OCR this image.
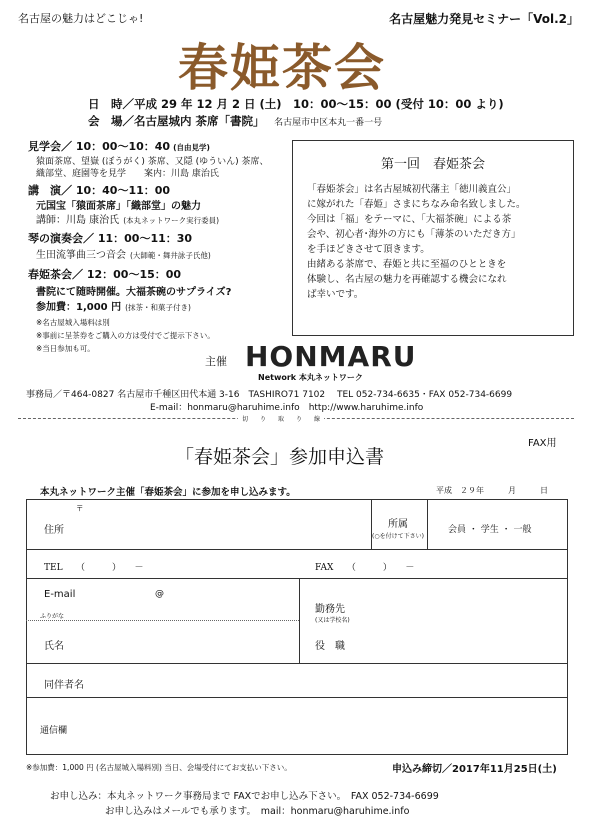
名古屋の魅力はどこじゃ!	名古屋魅力発見セミナー「Vol.2」
春姫茶会
日　時／平成 29 年 12 月 2 日 (土)　10：00～15：00 (受付 10：00 より)
会　場／名古屋城内 茶席「書院」 名古屋市中区本丸一番一号
見学会／ 10：00～10：40 (自由見学)
猿面茶席、望嶽 (ぼうがく) 茶席、又隠 (ゆういん) 茶席、
織部堂、庭園等を見学　　案内：川島 康治氏
講　演／ 10：40～11：00
元国宝「猿面茶席」「織部堂」の魅力
講師：川島 康治氏 (本丸ネットワーク実行委員)
琴の演奏会／ 11：00～11：30
生田流箏曲三つ音会 (大師範・舞井詠子氏他)
春姫茶会／ 12：00～15：00
書院にて随時開催。大福茶碗のサプライズ?
参加費：1,000 円 (抹茶・和菓子付き)
※名古屋城入場料は別
※事前に呈茶券をご購入の方は受付でご提示下さい。
※当日参加も可。
第一回　春姫茶会
「春姫茶会」は名古屋城初代藩主「徳川義直公」
に嫁がれた「春姫」さまにちなみ命名致しました。
今回は「福」をテーマに、「大福茶碗」による茶
会や、初心者･海外の方にも「薄茶のいただき方」
を手ほどきさせて頂きます。
由緒ある茶席で、春姫と共に至福のひとときを
体験し、名古屋の魅力を再確認する機会になれ
ば幸いです。
主催 HONMARU
Network 本丸ネットワーク
事務局／〒464-0827 名古屋市千種区田代本通 3-16　TASHIRO71 7102　 TEL 052-734-6635・FAX 052-734-6699
E-mail：honmaru@haruhime.info　http://www.haruhime.info
切　　り　　取　　り　　線
FAX用
「春姫茶会」参加申込書
本丸ネットワーク主催「春姫茶会」に参加を申し込みます。	平成　２９年　　　月　　　日
〒
住所
所属
(○を付けて下さい)
会員 ・ 学生 ・ 一般
TEL　　（　　　）　　－	FAX　　（　　　）　　－
E-mail	@
ふりがな
氏名
勤務先
(又は学校名)
役　職
同伴者名
通信欄
※参加費：1,000 円 (名古屋城入場料別) 当日、会場受付にてお支払い下さい。	申込み締切／2017年11月25日(土)
お申し込み：本丸ネットワーク事務局まで FAXでお申し込み下さい。　FAX 052-734-6699
お申し込みはメールでも承ります。　mail：honmaru@haruhime.info
